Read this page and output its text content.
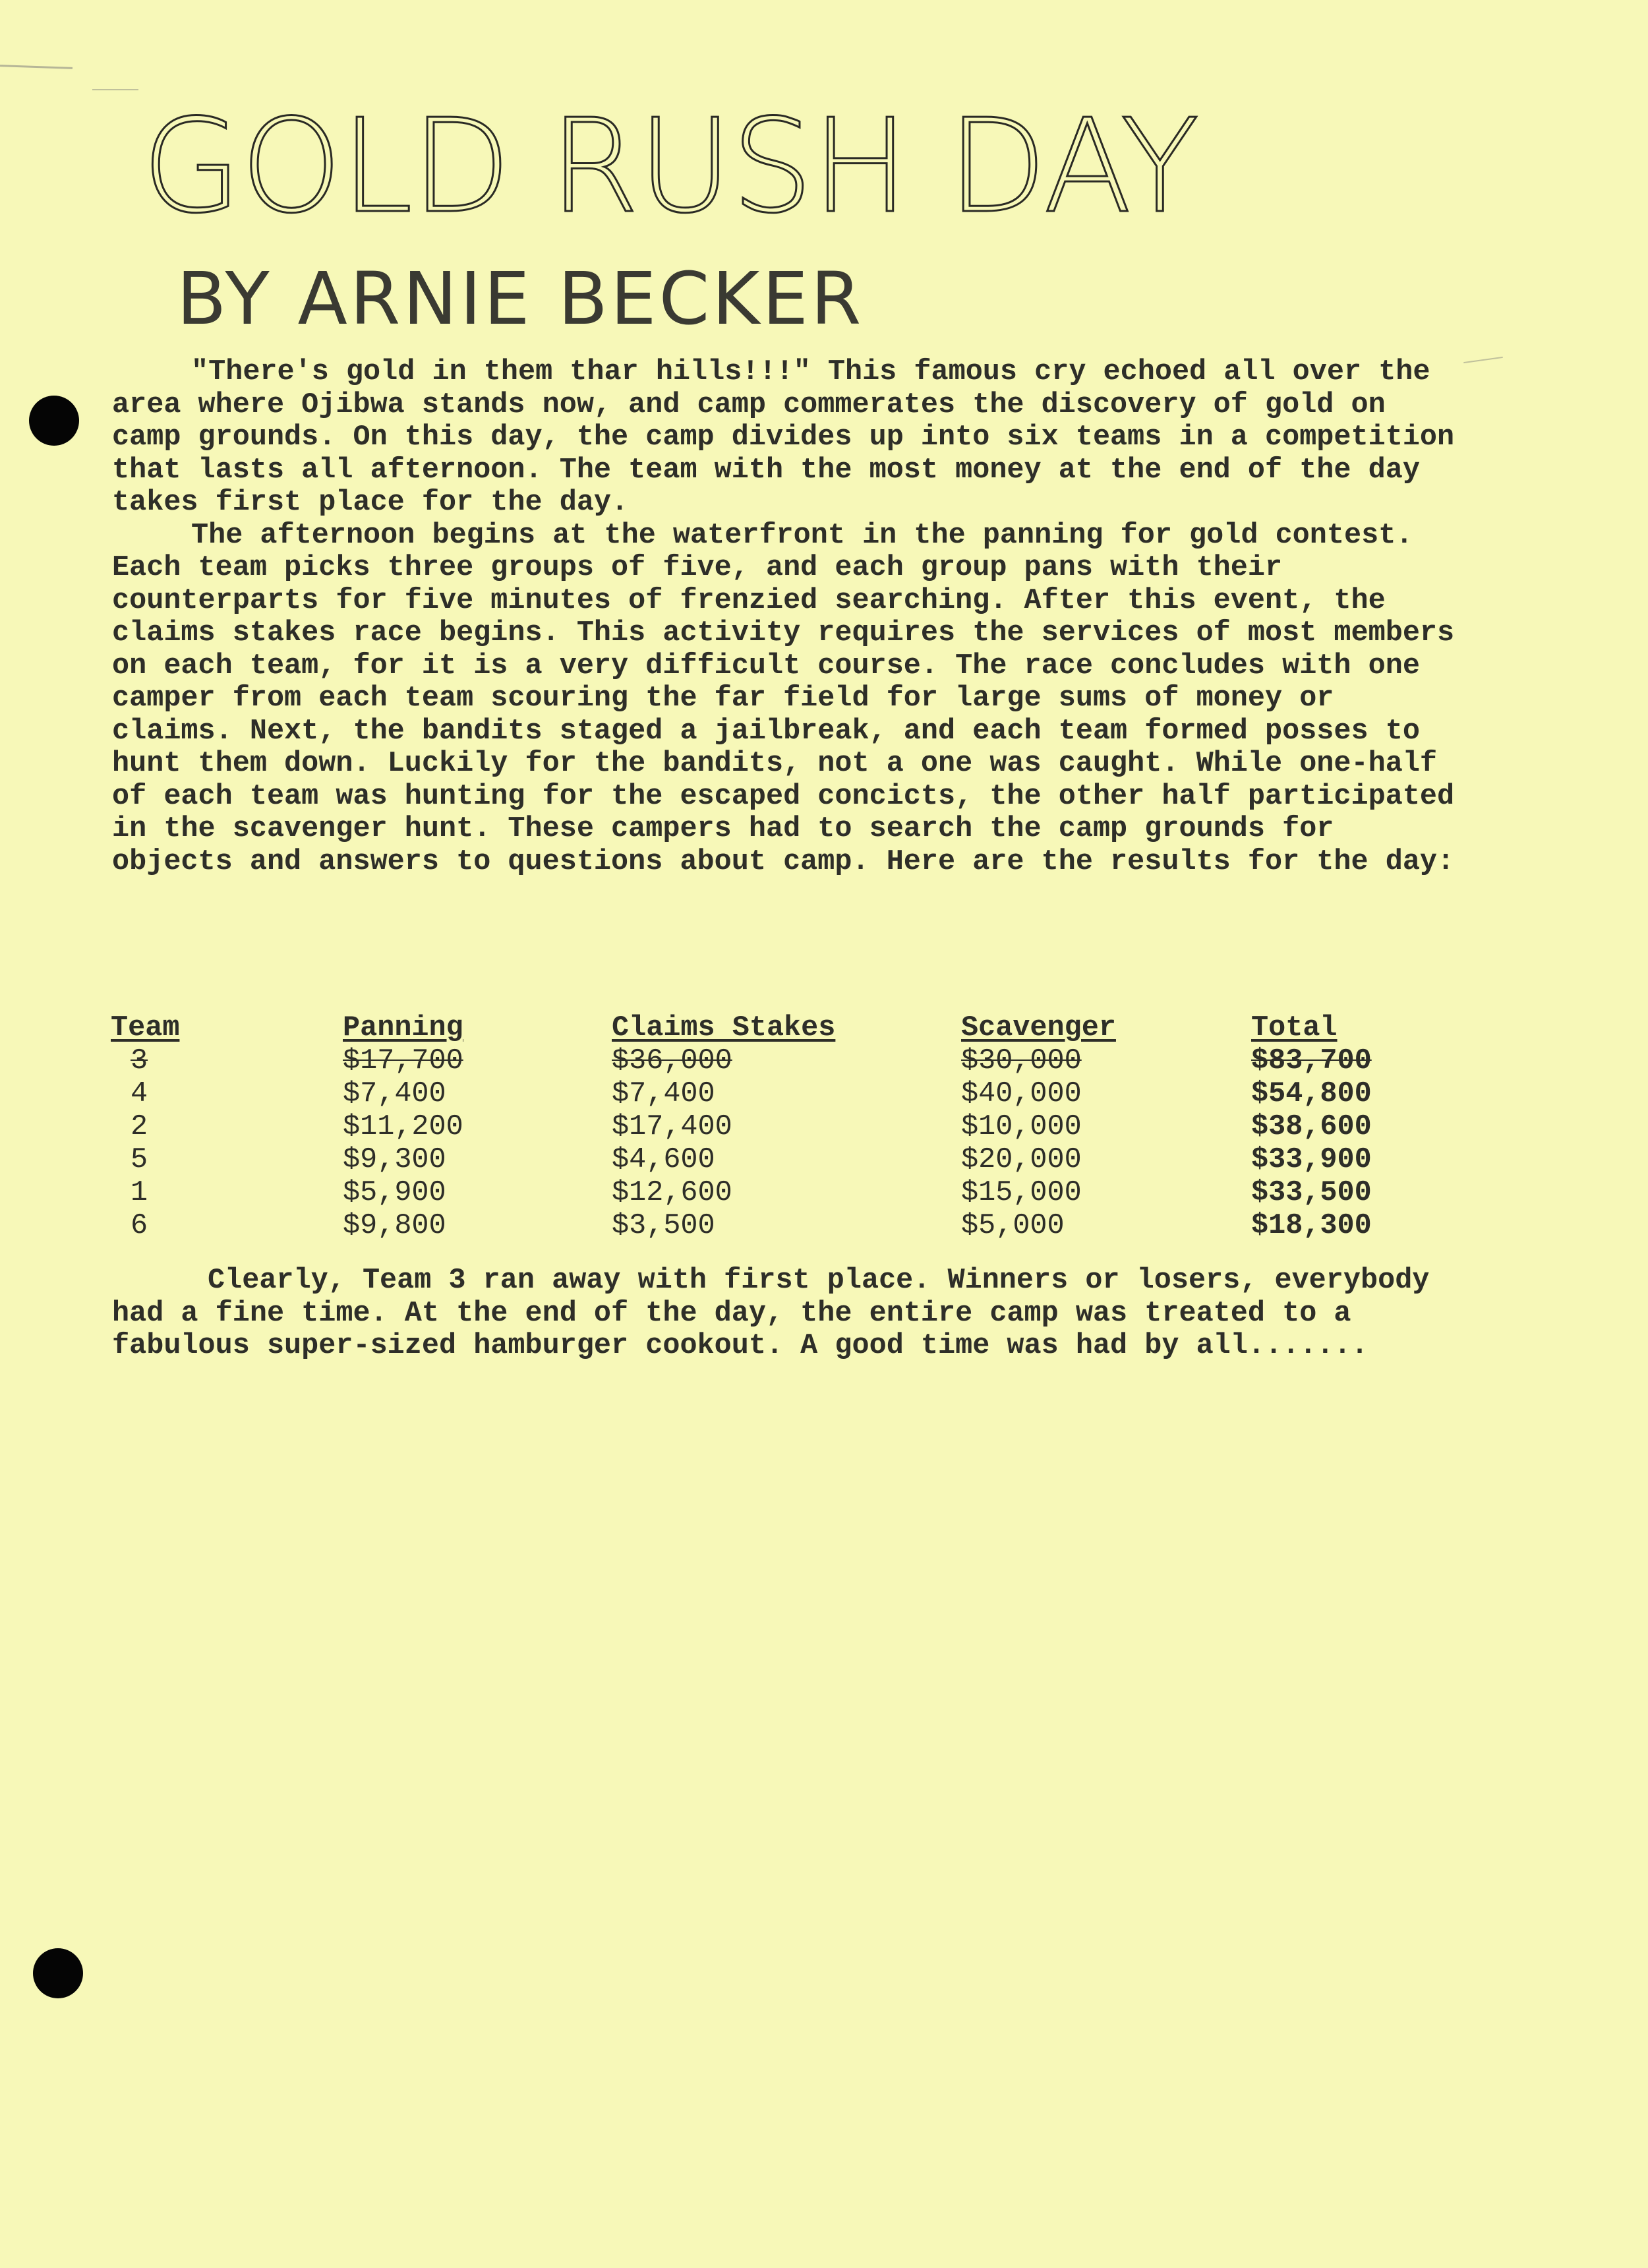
GOLD RUSH DAY
BY ARNIE BECKER

"There's gold in them thar hills!!!" This famous cry echoed all over the area where Ojibwa stands now, and camp commerates the discovery of gold on camp grounds. On this day, the camp divides up into six teams in a competition that lasts all afternoon. The team with the most money at the end of the day takes first place for the day.

The afternoon begins at the waterfront in the panning for gold contest. Each team picks three groups of five, and each group pans with their counterparts for five minutes of frenzied searching. After this event, the claims stakes race begins. This activity requires the services of most members on each team, for it is a very difficult course. The race concludes with one camper from each team scouring the far field for large sums of money or claims. Next, the bandits staged a jailbreak, and each team formed posses to hunt them down. Luckily for the bandits, not a one was caught. While one-half of each team was hunting for the escaped concicts, the other half participated in the scavenger hunt. These campers had to search the camp grounds for objects and answers to questions about camp. Here are the results for the day:

Team	Panning	Claims Stakes	Scavenger	Total
3	$17,700	$36,000	$30,000	$83,700
4	$7,400	$7,400	$40,000	$54,800
2	$11,200	$17,400	$10,000	$38,600
5	$9,300	$4,600	$20,000	$33,900
1	$5,900	$12,600	$15,000	$33,500
6	$9,800	$3,500	$5,000	$18,300

Clearly, Team 3 ran away with first place. Winners or losers, everybody had a fine time. At the end of the day, the entire camp was treated to a fabulous super-sized hamburger cookout. A good time was had by all.......
